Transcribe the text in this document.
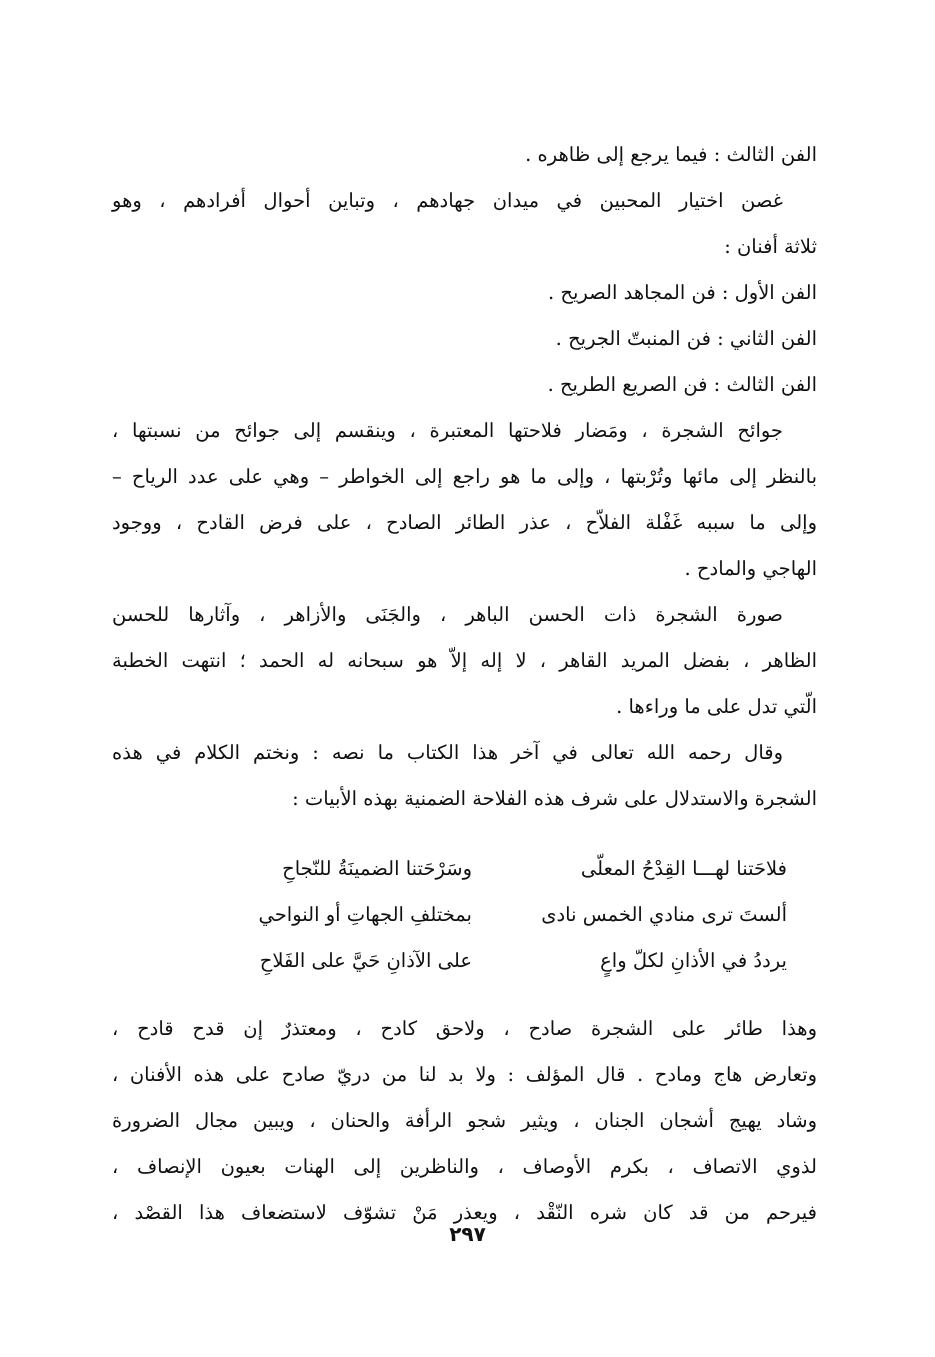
الفن الثالث : فيما يرجع إلى ظاهره .
غصن اختيار المحبين في ميدان جهادهم ، وتباين أحوال أفرادهم ، وهو
ثلاثة أفنان :
الفن الأول : فن المجاهد الصريح .
الفن الثاني : فن المنبتّ الجريح .
الفن الثالث : فن الصريع الطريح .
جوائح الشجرة ، ومَضار فلاحتها المعتبرة ، وينقسم إلى جوائح من نسبتها ،
بالنظر إلى مائها وتُرْبتها ، وإلى ما هو راجع إلى الخواطر – وهي على عدد الرياح –
وإلى ما سببه غَفْلة الفلاّح ، عذر الطائر الصادح ، على فرض القادح ، ووجود
الهاجي والمادح .
صورة الشجرة ذات الحسن الباهر ، والجَنَى والأزاهر ، وآثارها للحسن
الظاهر ، بفضل المريد القاهر ، لا إله إلاّ هو سبحانه له الحمد ؛ انتهت الخطبة
الّتي تدل على ما وراءها .
وقال رحمه الله تعالى في آخر هذا الكتاب ما نصه : ونختم الكلام في هذه
الشجرة والاستدلال على شرف هذه الفلاحة الضمنية بهذه الأبيات :
فلاحَتنا لهـــا القِدْحُ المعلّى
وسَرْحَتنا الضمينَةُ للنّجاحِ
ألستَ ترى منادي الخمس نادى
بمختلفِ الجهاتِ أو النواحي
يرددُ في الأذانِ لكلّ واعٍ
على الآذانِ حَيَّ على الفَلاحِ
وهذا طائر على الشجرة صادح ، ولاحق كادح ، ومعتذرٌ إن قدح قادح ،
وتعارض هاج ومادح . قال المؤلف : ولا بد لنا من دريّ صادح على هذه الأفنان ،
وشاد يهيج أشجان الجنان ، ويثير شجو الرأفة والحنان ، ويبين مجال الضرورة
لذوي الاتصاف ، بكرم الأوصاف ، والناظرين إلى الهنات بعيون الإنصاف ،
فيرحم من قد كان شره النّقْد ، ويعذر مَنْ تشوّف لاستضعاف هذا القصْد ،
٢٩٧
